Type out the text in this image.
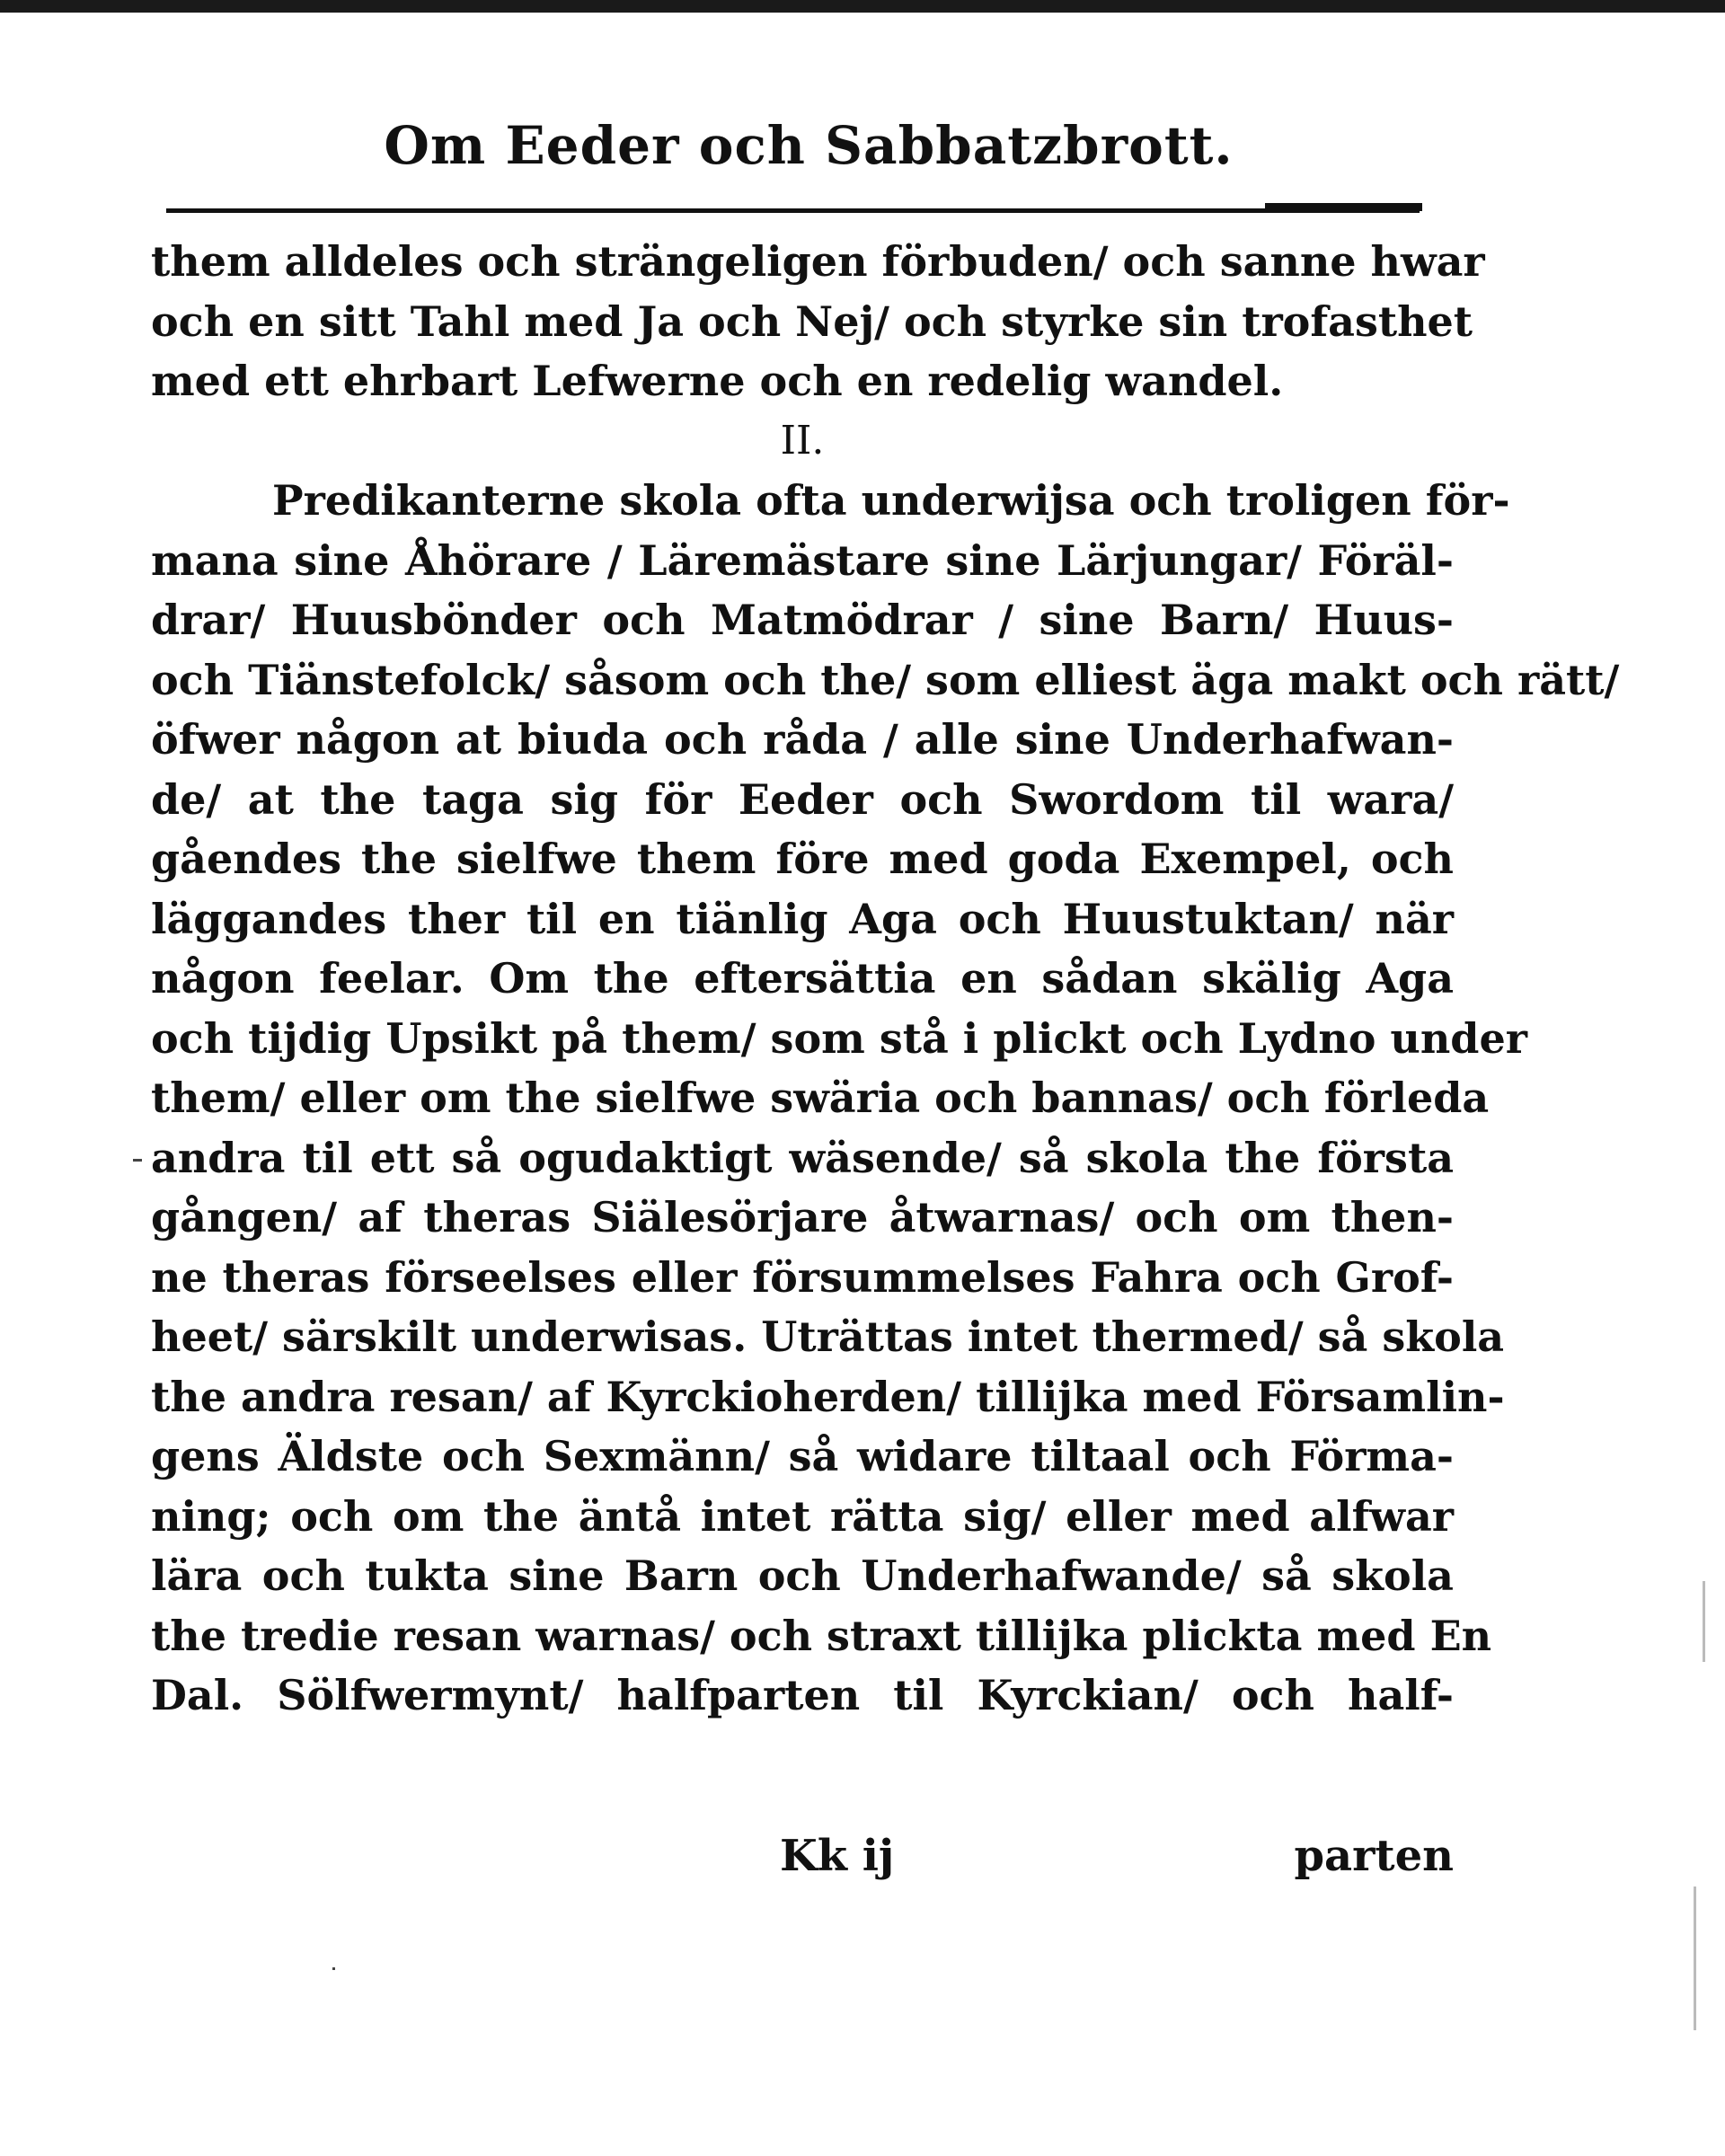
Om Eeder och Sabbatzbrott.
them alldeles och strängeligen förbuden/ och sanne hwar
och en sitt Tahl med Ja och Nej/ och styrke sin trofasthet
med ett ehrbart Lefwerne och en redelig wandel.
II.
Predikanterne skola ofta underwijsa och troligen för-
mana sine Åhörare / Läremästare sine Lärjungar/ Föräl-
drar/ Huusbönder och Matmödrar / sine Barn/ Huus-
och Tiänstefolck/ såsom och the/ som elliest äga makt och rätt/
öfwer någon at biuda och råda / alle sine Underhafwan-
de/ at the taga sig för Eeder och Swordom til wara/
gåendes the sielfwe them före med goda Exempel, och
läggandes ther til en tiänlig Aga och Huustuktan/ när
någon feelar. Om the eftersättia en sådan skälig Aga
och tijdig Upsikt på them/ som stå i plickt och Lydno under
them/ eller om the sielfwe swäria och bannas/ och förleda
andra til ett så ogudaktigt wäsende/ så skola the första
gången/ af theras Siälesörjare åtwarnas/ och om then-
ne theras förseelses eller försummelses Fahra och Grof-
heet/ särskilt underwisas. Uträttas intet thermed/ så skola
the andra resan/ af Kyrckioherden/ tillijka med Församlin-
gens Äldste och Sexmänn/ så widare tiltaal och Förma-
ning; och om the äntå intet rätta sig/ eller med alfwar
lära och tukta sine Barn och Underhafwande/ så skola
the tredie resan warnas/ och straxt tillijka plickta med En
Dal. Sölfwermynt/ halfparten til Kyrckian/ och half-
Kk ij	parten
